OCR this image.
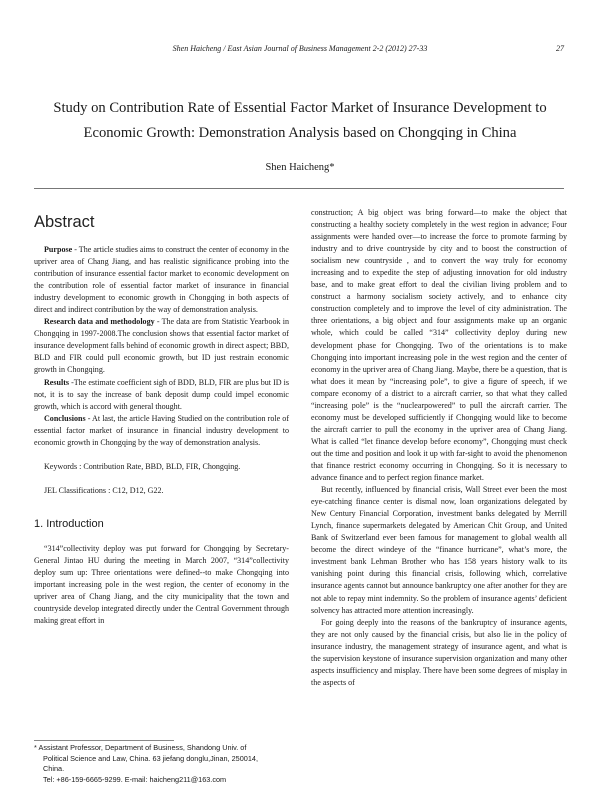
Shen Haicheng / East Asian Journal of Business Management 2-2 (2012) 27-33	27
Study on Contribution Rate of Essential Factor Market of Insurance Development to
Economic Growth: Demonstration Analysis based on Chongqing in China
Shen Haicheng*
Abstract

Purpose - The article studies aims to construct the center of economy in the upriver area of Chang Jiang, and has realistic significance probing into the contribution of insurance essential factor market to economic development on the contribution role of essential factor market of insurance in financial industry development to economic growth in Chongqing in both aspects of direct and indirect contribution by the way of demonstration analysis.

Research data and methodology - The data are from Statistic Yearbook in Chongqing in 1997-2008.The conclusion shows that essential factor market of insurance development falls behind of economic growth in direct aspect; BBD, BLD and FIR could pull economic growth, but ID just restrain economic growth in Chongqing.

Results -The estimate coefficient sigh of BDD, BLD, FIR are plus but ID is not, it is to say the increase of bank deposit dump could impel economic growth, which is accord with general thought.

Conclusions - At last, the article Having Studied on the contribution role of essential factor market of insurance in financial industry development to economic growth in Chongqing by the way of demonstration analysis.

Keywords : Contribution Rate, BBD, BLD, FIR, Chongqing.

JEL Classifications : C12, D12, G22.

1. Introduction

“314”collectivity deploy was put forward for Chongqing by Secretary-General Jintao HU during the meeting in March 2007, “314”collectivity deploy sum up: Three orientations were defined--to make Chongqing into important increasing pole in the west region, the center of economy in the upriver area of Chang Jiang, and the city municipality that the town and countryside develop integrated directly under the Central Government through making great effort in

* Assistant Professor, Department of Business, Shandong Univ. of

Political Science and Law, China. 63 jiefang donglu,Jinan, 250014,

China.

Tel: +86-159-6665-9299. E-mail: haicheng211@163.com

construction; A big object was bring forward—to make the object that constructing a healthy society completely in the west region in advance; Four assignments were handed over—to increase the force to promote farming by industry and to drive countryside by city and to boost the construction of socialism new countryside , and to convert the way truly for economy increasing and to expedite the step of adjusting innovation for old industry base, and to make great effort to deal the civilian living problem and to construct a harmony socialism society actively, and to enhance city construction completely and to improve the level of city administration. The three orientations, a big object and four assignments make up an organic whole, which could be called “314” collectivity deploy during new development phase for Chongqing. Two of the orientations is to make Chongqing into important increasing pole in the west region and the center of economy in the upriver area of Chang Jiang. Maybe, there be a question, that is what does it mean by “increasing pole”, to give a figure of speech, if we compare economy of a district to a aircraft carrier, so that what they called “increasing pole” is the “nuclearpowered” to pull the aircraft carrier. The economy must be developed sufficiently if Chongqing would like to become the aircraft carrier to pull the economy in the upriver area of Chang Jiang. What is called “let finance develop before economy”, Chongqing must check out the time and position and look it up with far-sight to avoid the phenomenon that finance restrict economy occurring in Chongqing. So it is necessary to advance finance and to perfect region finance market.

But recently, influenced by financial crisis, Wall Street ever been the most eye-catching finance center is dismal now, loan organizations delegated by New Century Financial Corporation, investment banks delegated by Merrill Lynch, finance supermarkets delegated by American Chit Group, and United Bank of Switzerland ever been famous for management to global wealth all become the direct windeye of the “finance hurricane”, what’s more, the investment bank Lehman Brother who has 158 years history walk to its vanishing point during this financial crisis, following which, correlative insurance agents cannot but announce bankruptcy one after another for they are not able to repay mint indemnity. So the problem of insurance agents’ deficient solvency has attracted more attention increasingly.

For going deeply into the reasons of the bankruptcy of insurance agents, they are not only caused by the financial crisis, but also lie in the policy of insurance industry, the management strategy of insurance agent, and what is the supervision keystone of insurance supervision organization and many other aspects insufficiency and misplay. There have been some degrees of misplay in the aspects of
